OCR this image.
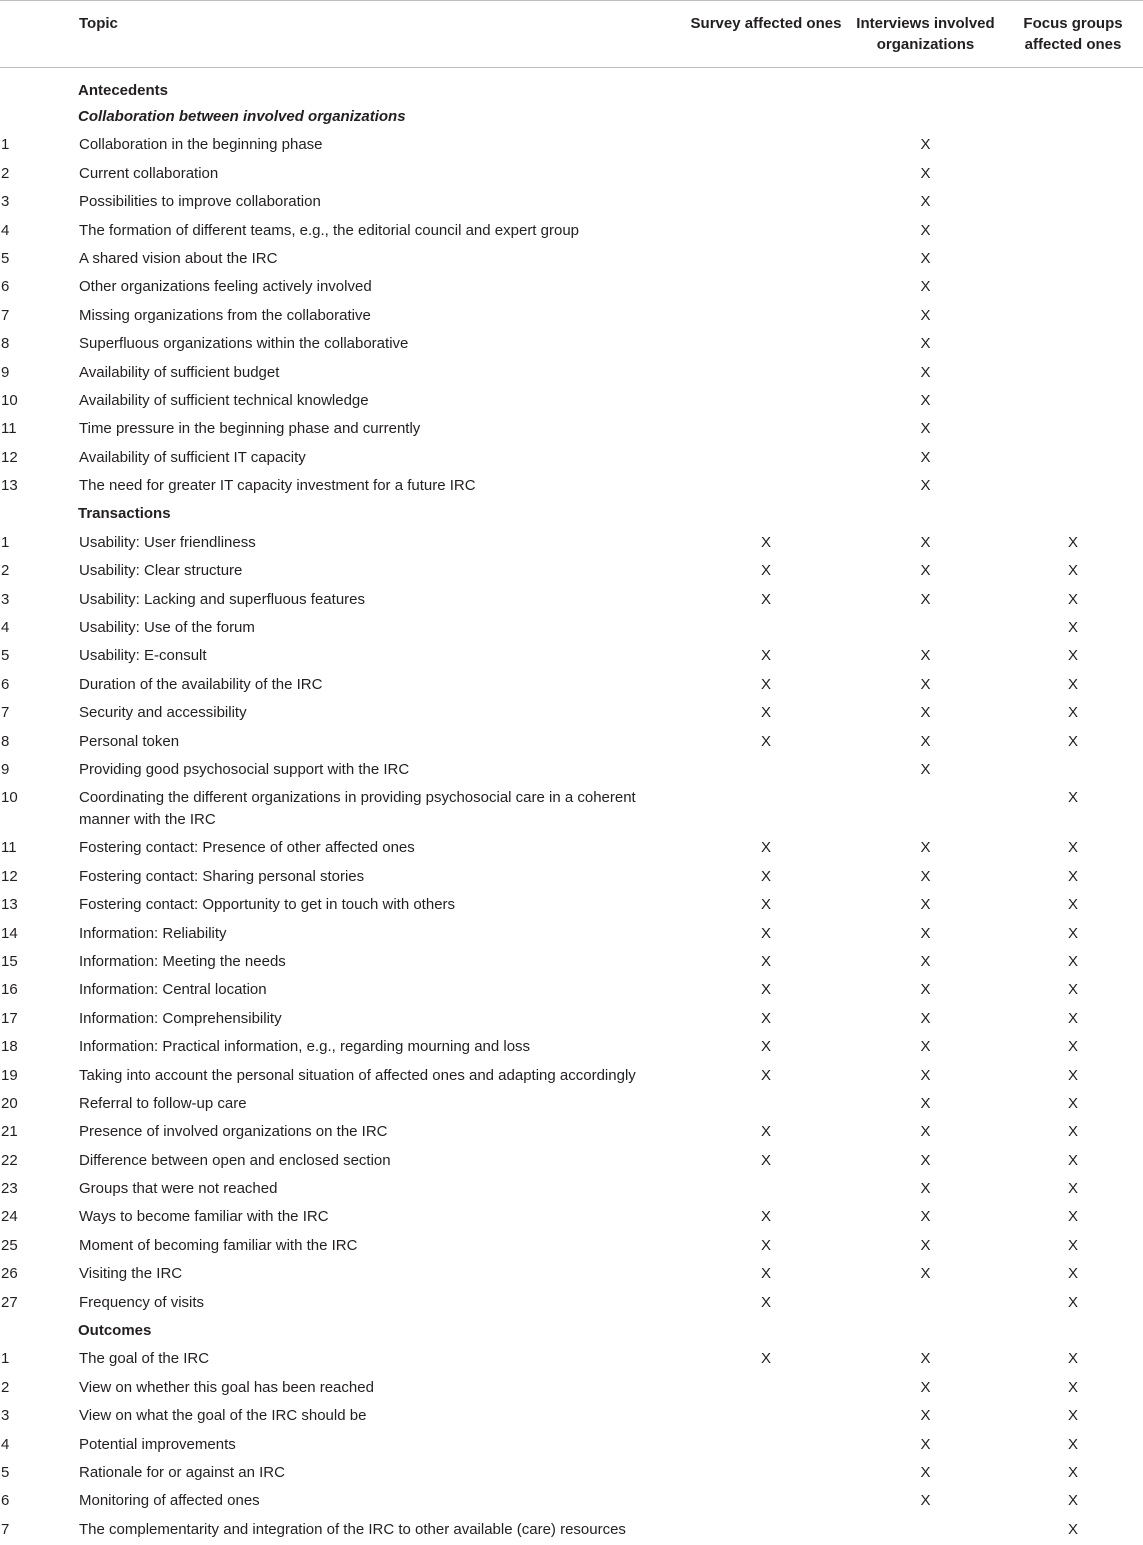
	Topic	Survey affected ones	Interviews involved organizations	Focus groups affected ones
	Antecedents			
	Collaboration between involved organizations			
1	Collaboration in the beginning phase		X	
2	Current collaboration		X	
3	Possibilities to improve collaboration		X	
4	The formation of different teams, e.g., the editorial council and expert group		X	
5	A shared vision about the IRC		X	
6	Other organizations feeling actively involved		X	
7	Missing organizations from the collaborative		X	
8	Superfluous organizations within the collaborative		X	
9	Availability of sufficient budget		X	
10	Availability of sufficient technical knowledge		X	
11	Time pressure in the beginning phase and currently		X	
12	Availability of sufficient IT capacity		X	
13	The need for greater IT capacity investment for a future IRC		X	
	Transactions			
1	Usability: User friendliness	X	X	X
2	Usability: Clear structure	X	X	X
3	Usability: Lacking and superfluous features	X	X	X
4	Usability: Use of the forum			X
5	Usability: E-consult	X	X	X
6	Duration of the availability of the IRC	X	X	X
7	Security and accessibility	X	X	X
8	Personal token	X	X	X
9	Providing good psychosocial support with the IRC		X	
10	Coordinating the different organizations in providing psychosocial care in a coherent manner with the IRC			X
11	Fostering contact: Presence of other affected ones	X	X	X
12	Fostering contact: Sharing personal stories	X	X	X
13	Fostering contact: Opportunity to get in touch with others	X	X	X
14	Information: Reliability	X	X	X
15	Information: Meeting the needs	X	X	X
16	Information: Central location	X	X	X
17	Information: Comprehensibility	X	X	X
18	Information: Practical information, e.g., regarding mourning and loss	X	X	X
19	Taking into account the personal situation of affected ones and adapting accordingly	X	X	X
20	Referral to follow-up care		X	X
21	Presence of involved organizations on the IRC	X	X	X
22	Difference between open and enclosed section	X	X	X
23	Groups that were not reached		X	X
24	Ways to become familiar with the IRC	X	X	X
25	Moment of becoming familiar with the IRC	X	X	X
26	Visiting the IRC	X	X	X
27	Frequency of visits	X		X
	Outcomes			
1	The goal of the IRC	X	X	X
2	View on whether this goal has been reached		X	X
3	View on what the goal of the IRC should be		X	X
4	Potential improvements		X	X
5	Rationale for or against an IRC		X	X
6	Monitoring of affected ones		X	X
7	The complementarity and integration of the IRC to other available (care) resources			X
